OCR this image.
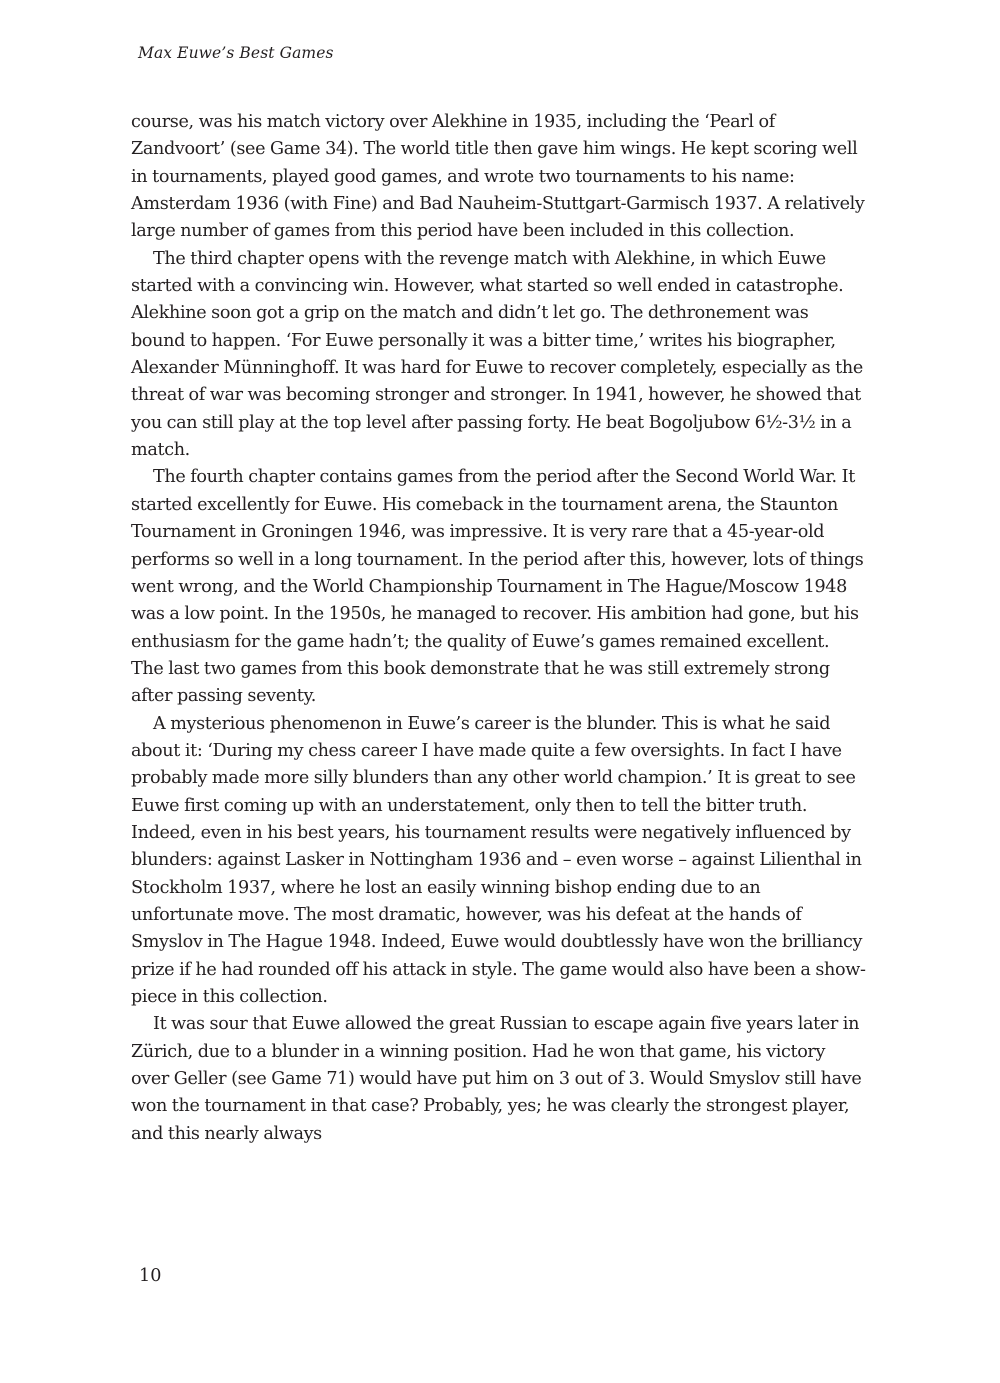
Max Euwe’s Best Games

course, was his match victory over Alekhine in 1935, including the ‘Pearl of Zandvoort’ (see Game 34). The world title then gave him wings. He kept scoring well in tournaments, played good games, and wrote two tournaments to his name: Amsterdam 1936 (with Fine) and Bad Nauheim-Stuttgart-Garmisch 1937. A relatively large number of games from this period have been included in this collection.

The third chapter opens with the revenge match with Alekhine, in which Euwe started with a convincing win. However, what started so well ended in catastrophe. Alekhine soon got a grip on the match and didn’t let go. The dethronement was bound to happen. ‘For Euwe personally it was a bitter time,’ writes his biographer, Alexander Münninghoff. It was hard for Euwe to recover completely, especially as the threat of war was becoming stronger and stronger. In 1941, however, he showed that you can still play at the top level after passing forty. He beat Bogoljubow 6½-3½ in a match.

The fourth chapter contains games from the period after the Second World War. It started excellently for Euwe. His comeback in the tournament arena, the Staunton Tournament in Groningen 1946, was impressive. It is very rare that a 45-year-old performs so well in a long tournament. In the period after this, however, lots of things went wrong, and the World Championship Tournament in The Hague/Moscow 1948 was a low point. In the 1950s, he managed to recover. His ambition had gone, but his enthusiasm for the game hadn’t; the quality of Euwe’s games remained excellent. The last two games from this book demonstrate that he was still extremely strong after passing seventy.

A mysterious phenomenon in Euwe’s career is the blunder. This is what he said about it: ‘During my chess career I have made quite a few oversights. In fact I have probably made more silly blunders than any other world champion.’ It is great to see Euwe first coming up with an understatement, only then to tell the bitter truth. Indeed, even in his best years, his tournament results were negatively influenced by blunders: against Lasker in Nottingham 1936 and – even worse – against Lilienthal in Stockholm 1937, where he lost an easily winning bishop ending due to an unfortunate move. The most dramatic, however, was his defeat at the hands of Smyslov in The Hague 1948. Indeed, Euwe would doubtlessly have won the brilliancy prize if he had rounded off his attack in style. The game would also have been a show-piece in this collection.

It was sour that Euwe allowed the great Russian to escape again five years later in Zürich, due to a blunder in a winning position. Had he won that game, his victory over Geller (see Game 71) would have put him on 3 out of 3. Would Smyslov still have won the tournament in that case? Probably, yes; he was clearly the strongest player, and this nearly always

10
